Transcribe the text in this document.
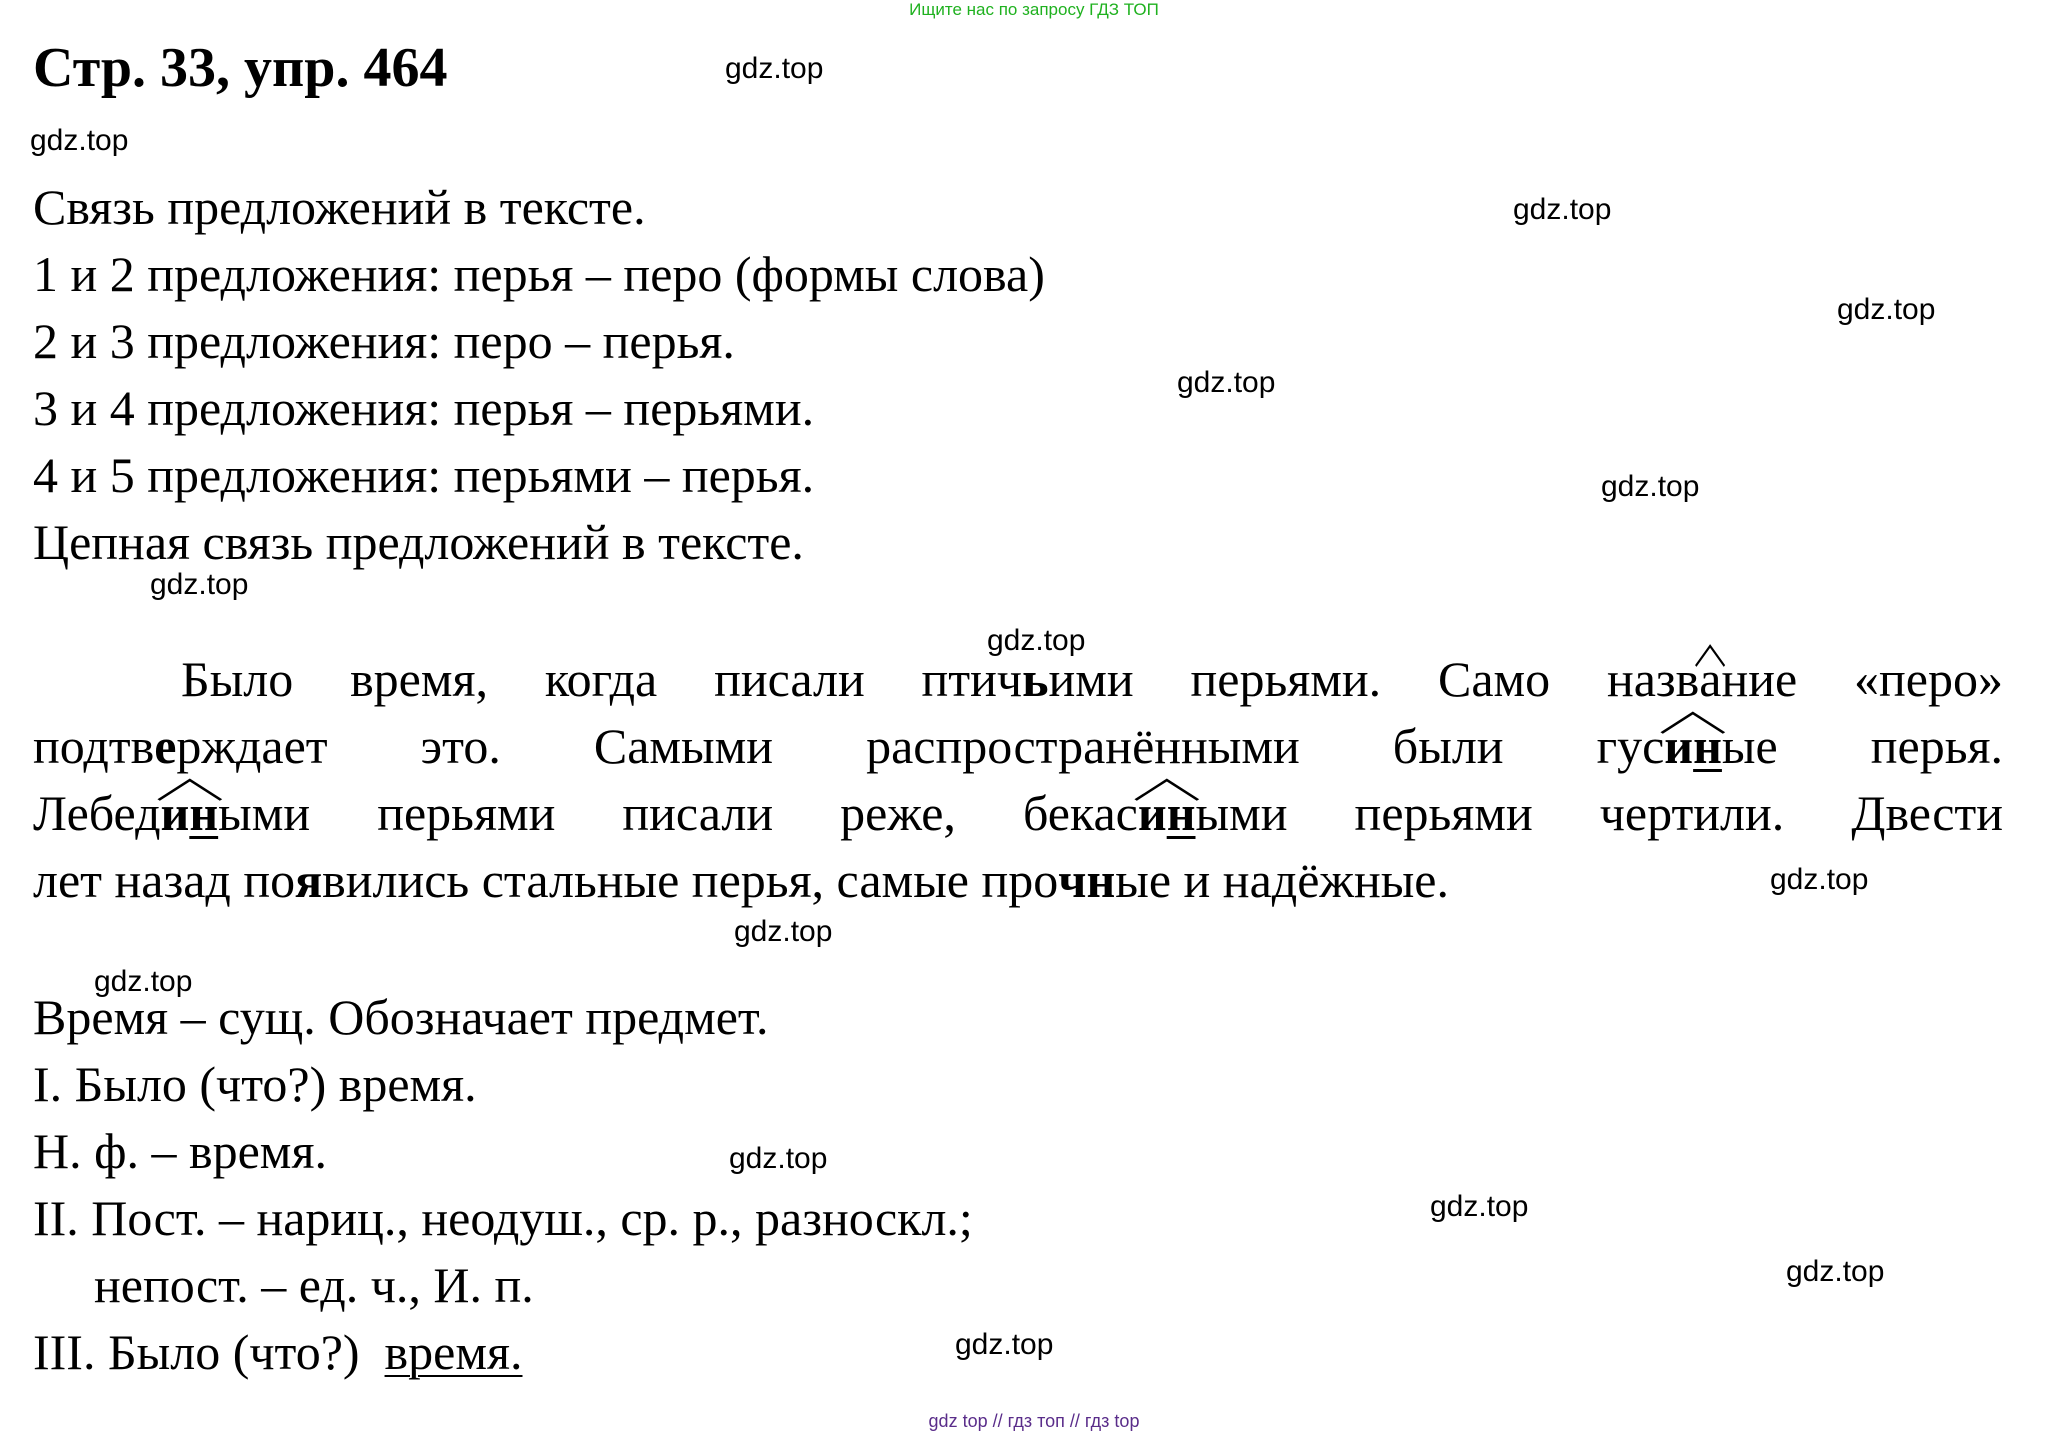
Ищите нас по запросу ГДЗ ТОП
Стр. 33, упр. 464	gdz.top
gdz.top
gdz.top
gdz.top
gdz.top
gdz.top
gdz.top
gdz.top
gdz.top
gdz.top
gdz.top
gdz.top
gdz.top
gdz.top
gdz.top
Связь предложений в тексте.
1 и 2 предложения: перья – перо (формы слова)
2 и 3 предложения: перо – перья.
3 и 4 предложения: перья – перьями.
4 и 5 предложения: перьями – перья.
Цепная связь предложений в тексте.
Было время, когда писали птичьими перьями. Само назв
ание «перо»
подтверждает это. Самыми распространёнными были гус
иные перья.
Лебед
иными перьями писали реже, бекас
иными перьями чертили. Двести
лет назад появились стальные перья, самые прочные и надёжные.
Время – сущ. Обозначает предмет.
I. Было (что?) время.
Н. ф. – время.
II. Пост. – нариц., неодуш., ср. р., разноскл.;
непост. – ед. ч., И. п.
III. Было (что?)  время.
gdz top // гдз топ // гдз top
